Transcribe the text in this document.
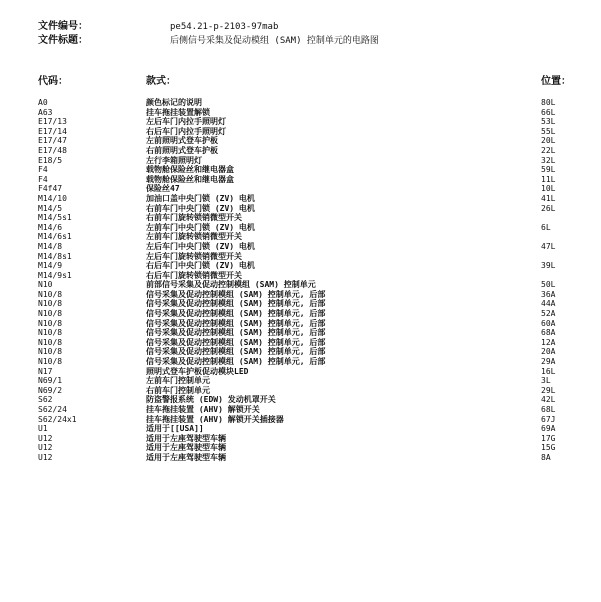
文件编号：	pe54.21-p-2103-97mab
文件标题：	后侧信号采集及促动模组 (SAM) 控制单元的电路图
代码：	款式：	位置：
A0	颜色标记的说明	80L
A63	挂车拖挂装置解锁	66L
E17/13	左后车门内拉手照明灯	53L
E17/14	右后车门内拉手照明灯	55L
E17/47	左前照明式登车护板	20L
E17/48	右前照明式登车护板	22L
E18/5	左行李箱照明灯	32L
F4	载物舱保险丝和继电器盒	59L
F4	载物舱保险丝和继电器盒	11L
F4f47	保险丝47	10L
M14/10	加油口盖中央门锁 (ZV) 电机	41L
M14/5	右前车门中央门锁 (ZV) 电机	26L
M14/5s1	右前车门旋转锁销微型开关
M14/6	左前车门中央门锁 (ZV) 电机	6L
M14/6s1	左前车门旋转锁销微型开关
M14/8	左后车门中央门锁 (ZV) 电机	47L
M14/8s1	左后车门旋转锁销微型开关
M14/9	右后车门中央门锁 (ZV) 电机	39L
M14/9s1	右后车门旋转锁销微型开关
N10	前部信号采集及促动控制模组 (SAM) 控制单元	50L
N10/8	信号采集及促动控制模组 (SAM) 控制单元, 后部	36A
N10/8	信号采集及促动控制模组 (SAM) 控制单元, 后部	44A
N10/8	信号采集及促动控制模组 (SAM) 控制单元, 后部	52A
N10/8	信号采集及促动控制模组 (SAM) 控制单元, 后部	60A
N10/8	信号采集及促动控制模组 (SAM) 控制单元, 后部	68A
N10/8	信号采集及促动控制模组 (SAM) 控制单元, 后部	12A
N10/8	信号采集及促动控制模组 (SAM) 控制单元, 后部	20A
N10/8	信号采集及促动控制模组 (SAM) 控制单元, 后部	29A
N17	照明式登车护板促动模块LED	16L
N69/1	左前车门控制单元	3L
N69/2	右前车门控制单元	29L
S62	防盗警报系统 (EDW) 发动机罩开关	42L
S62/24	挂车拖挂装置 (AHV) 解锁开关	68L
S62/24x1	挂车拖挂装置 (AHV) 解锁开关插接器	67J
U1	适用于[[USA]]	69A
U12	适用于左座驾驶型车辆	17G
U12	适用于左座驾驶型车辆	15G
U12	适用于左座驾驶型车辆	8A
